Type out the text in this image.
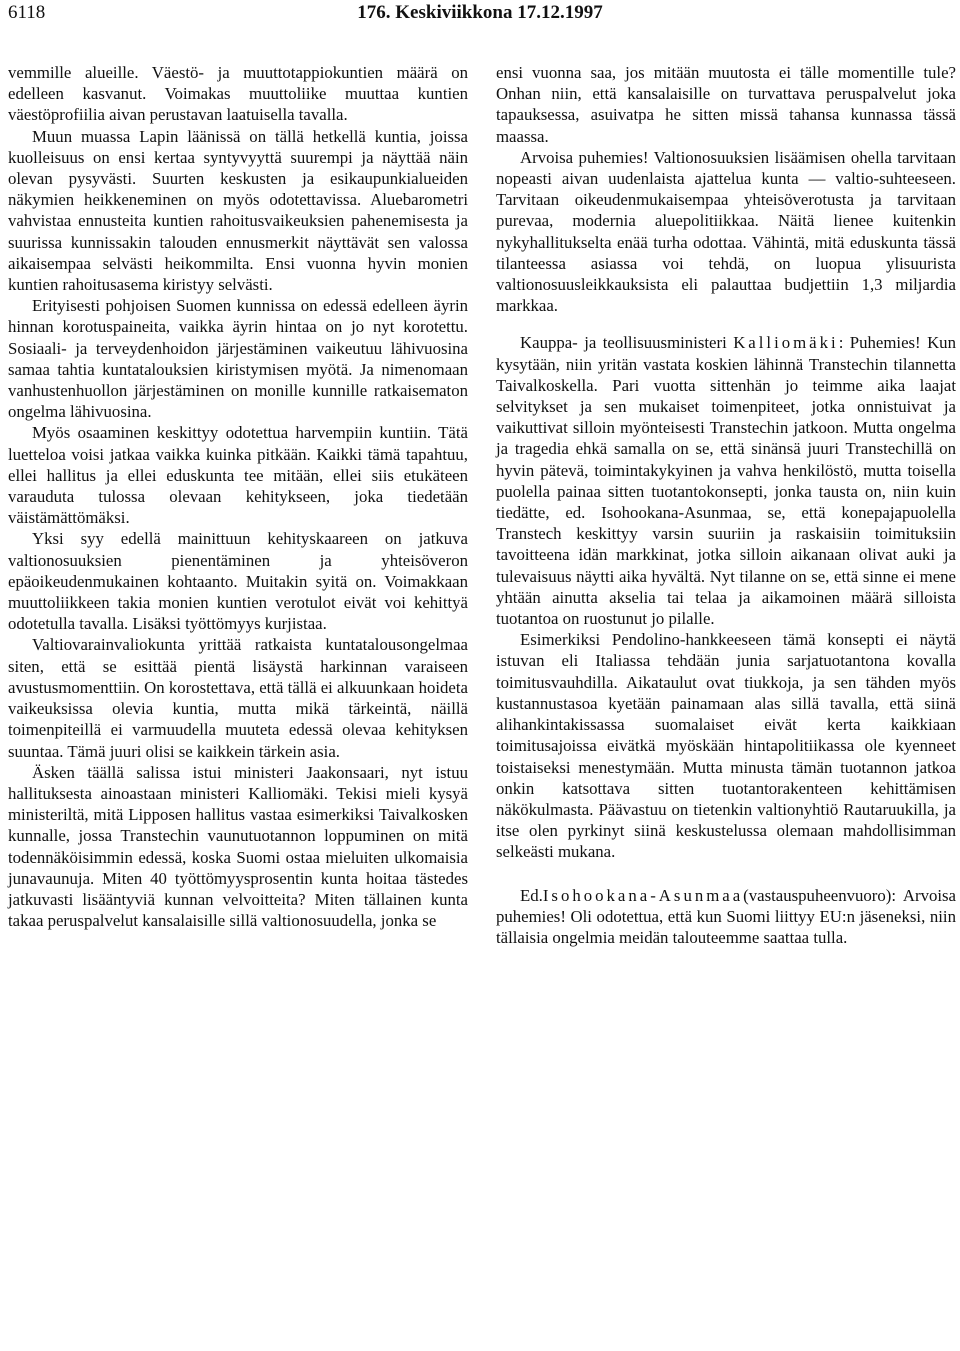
6118	176. Keskiviikkona 17.12.1997

vemmille alueille. Väestö- ja muuttotappiokuntien määrä on edelleen kasvanut. Voimakas muuttoliike muuttaa kuntien väestöprofiilia aivan perustavan laatuisella tavalla.

Muun muassa Lapin läänissä on tällä hetkellä kuntia, joissa kuolleisuus on ensi kertaa syntyvyyttä suurempi ja näyttää näin olevan pysyvästi. Suurten keskusten ja esikaupunkialueiden näkymien heikkeneminen on myös odotettavissa. Aluebarometri vahvistaa ennusteita kuntien rahoitusvaikeuksien pahenemisesta ja suurissa kunnissakin talouden ennusmerkit näyttävät sen valossa aikaisempaa selvästi heikommilta. Ensi vuonna hyvin monien kuntien rahoitusasema kiristyy selvästi.

Erityisesti pohjoisen Suomen kunnissa on edessä edelleen äyrin hinnan korotuspaineita, vaikka äyrin hintaa on jo nyt korotettu. Sosiaali- ja terveydenhoidon järjestäminen vaikeutuu lähivuosina samaa tahtia kuntatalouksien kiristymisen myötä. Ja nimenomaan vanhustenhuollon järjestäminen on monille kunnille ratkaisematon ongelma lähivuosina.

Myös osaaminen keskittyy odotettua harvempiin kuntiin. Tätä luetteloa voisi jatkaa vaikka kuinka pitkään. Kaikki tämä tapahtuu, ellei hallitus ja ellei eduskunta tee mitään, ellei siis etukäteen varauduta tulossa olevaan kehitykseen, joka tiedetään väistämättömäksi.

Yksi syy edellä mainittuun kehityskaareen on jatkuva valtionosuuksien pienentäminen ja yhteisöveron epäoikeudenmukainen kohtaanto. Muitakin syitä on. Voimakkaan muuttoliikkeen takia monien kuntien verotulot eivät voi kehittyä odotetulla tavalla. Lisäksi työttömyys kurjistaa.

Valtiovarainvaliokunta yrittää ratkaista kuntatalousongelmaa siten, että se esittää pientä lisäystä harkinnan varaiseen avustusmomenttiin. On korostettava, että tällä ei alkuunkaan hoideta vaikeuksissa olevia kuntia, mutta mikä tärkeintä, näillä toimenpiteillä ei varmuudella muuteta edessä olevaa kehityksen suuntaa. Tämä juuri olisi se kaikkein tärkein asia.

Äsken täällä salissa istui ministeri Jaakonsaari, nyt istuu hallituksesta ainoastaan ministeri Kalliomäki. Tekisi mieli kysyä ministeriltä, mitä Lipposen hallitus vastaa esimerkiksi Taivalkosken kunnalle, jossa Transtechin vaunutuotannon loppuminen on mitä todennäköisimmin edessä, koska Suomi ostaa mieluiten ulkomaisia junavaunuja. Miten 40 työttömyysprosentin kunta hoitaa tästedes jatkuvasti lisääntyviä kunnan velvoitteita? Miten tällainen kunta takaa peruspalvelut kansalaisille sillä valtionosuudella, jonka se

ensi vuonna saa, jos mitään muutosta ei tälle momentille tule? Onhan niin, että kansalaisille on turvattava peruspalvelut joka tapauksessa, asuivatpa he sitten missä tahansa kunnassa tässä maassa.

Arvoisa puhemies! Valtionosuuksien lisäämisen ohella tarvitaan nopeasti aivan uudenlaista ajattelua kunta — valtio-suhteeseen. Tarvitaan oikeudenmukaisempaa yhteisöverotusta ja tarvitaan purevaa, modernia aluepolitiikkaa. Näitä lienee kuitenkin nykyhallitukselta enää turha odottaa. Vähintä, mitä eduskunta tässä tilanteessa asiassa voi tehdä, on luopua ylisuurista valtionosuusleikkauksista eli palauttaa budjettiin 1,3 miljardia markkaa.

Kauppa- ja teollisuusministeri Kalliomäki: Puhemies! Kun kysytään, niin yritän vastata koskien lähinnä Transtechin tilannetta Taivalkoskella. Pari vuotta sittenhän jo teimme aika laajat selvitykset ja sen mukaiset toimenpiteet, jotka onnistuivat ja vaikuttivat silloin myönteisesti Transtechin jatkoon. Mutta ongelma ja tragedia ehkä samalla on se, että sinänsä juuri Transtechillä on hyvin pätevä, toimintakykyinen ja vahva henkilöstö, mutta toisella puolella painaa sitten tuotantokonsepti, jonka tausta on, niin kuin tiedätte, ed. Isohookana-Asunmaa, se, että konepajapuolella Transtech keskittyy varsin suuriin ja raskaisiin toimituksiin tavoitteena idän markkinat, jotka silloin aikanaan olivat auki ja tulevaisuus näytti aika hyvältä. Nyt tilanne on se, että sinne ei mene yhtään ainutta akselia tai telaa ja aikamoinen määrä silloista tuotantoa on ruostunut jo pilalle.

Esimerkiksi Pendolino-hankkeeseen tämä konsepti ei näytä istuvan eli Italiassa tehdään junia sarjatuotantona kovalla toimitusvauhdilla. Aikataulut ovat tiukkoja, ja sen tähden myös kustannustasoa kyetään painamaan alas sillä tavalla, että siinä alihankintakissassa suomalaiset eivät kerta kaikkiaan toimitusajoissa eivätkä myöskään hintapolitiikassa ole kyenneet toistaiseksi menestymään. Mutta minusta tämän tuotannon jatkoa onkin katsottava sitten tuotantorakenteen kehittämisen näkökulmasta. Päävastuu on tietenkin valtionyhtiö Rautaruukilla, ja itse olen pyrkinyt siinä keskustelussa olemaan mahdollisimman selkeästi mukana.

Ed.Isohookana-Asunmaa(vastauspuheenvuoro): Arvoisa puhemies! Oli odotettua, että kun Suomi liittyy EU:n jäseneksi, niin tällaisia ongelmia meidän talouteemme saattaa tulla.
